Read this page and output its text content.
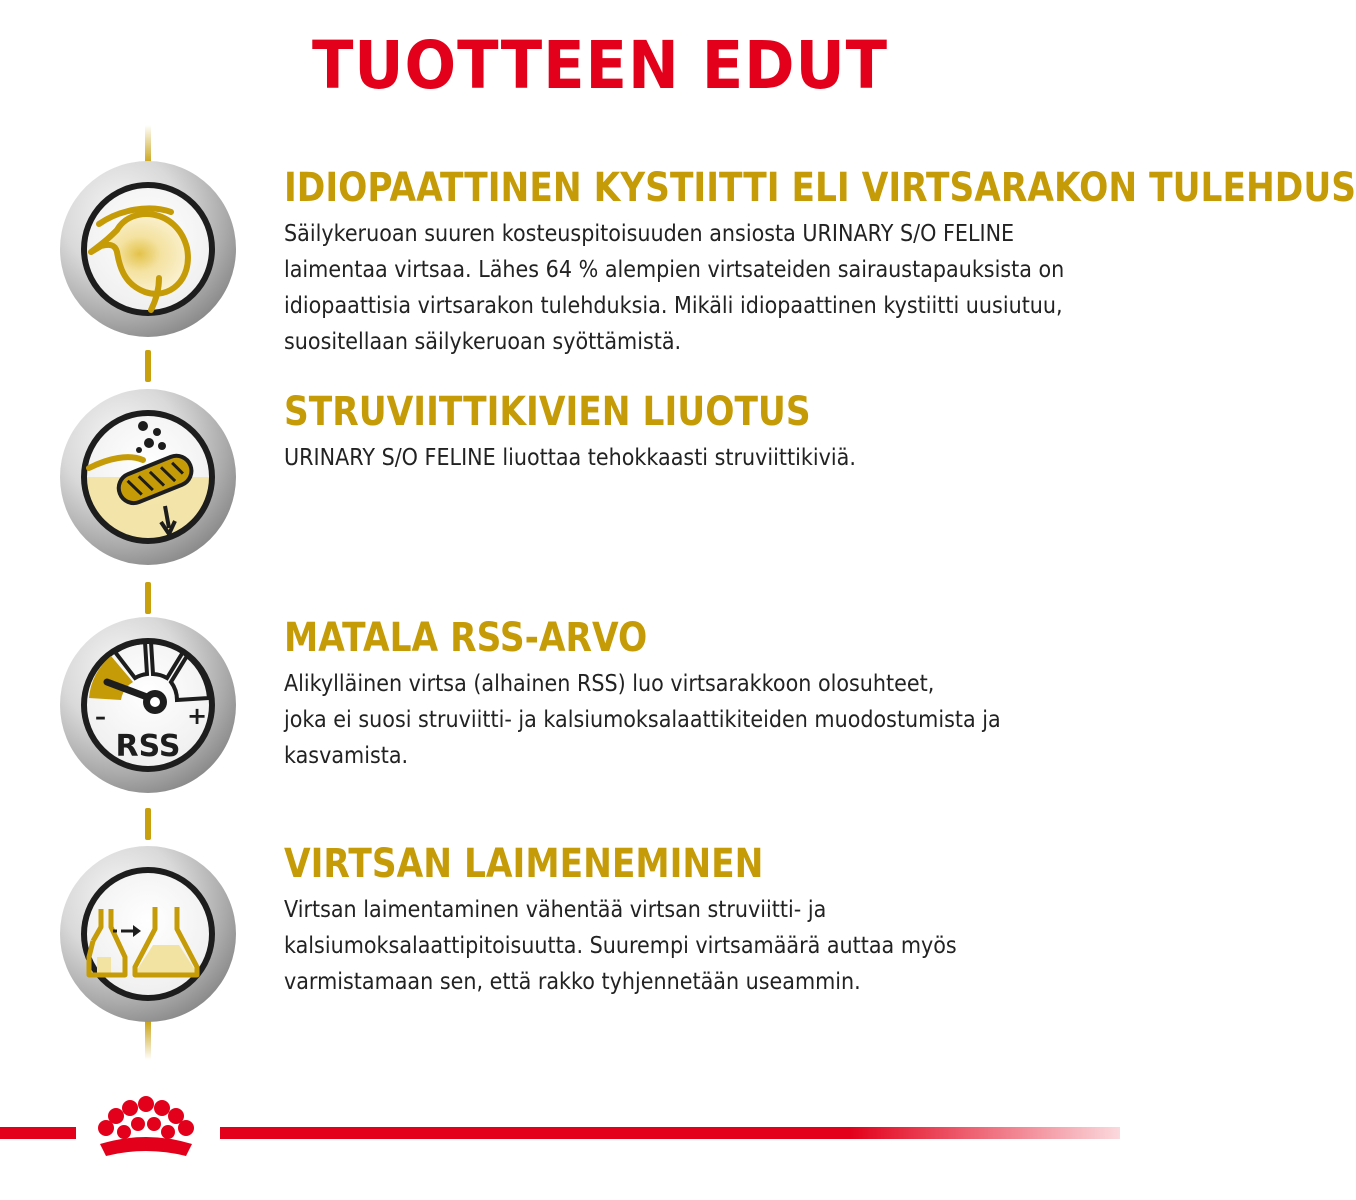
TUOTTEEN EDUT
–	+
RSS
IDIOPAATTINEN KYSTIITTI ELI VIRTSARAKON TULEHDUS

Säilykeruoan suuren kosteuspitoisuuden ansiosta URINARY S/O FELINE
laimentaa virtsaa. Lähes 64 % alempien virtsateiden sairaustapauksista on
idiopaattisia virtsarakon tulehduksia. Mikäli idiopaattinen kystiitti uusiutuu,
suositellaan säilykeruoan syöttämistä.

STRUVIITTIKIVIEN LIUOTUS

URINARY S/O FELINE liuottaa tehokkaasti struviittikiviä.

MATALA RSS-ARVO

Alikylläinen virtsa (alhainen RSS) luo virtsarakkoon olosuhteet,
joka ei suosi struviitti- ja kalsiumoksalaattikiteiden muodostumista ja
kasvamista.

VIRTSAN LAIMENEMINEN

Virtsan laimentaminen vähentää virtsan struviitti- ja
kalsiumoksalaattipitoisuutta. Suurempi virtsamäärä auttaa myös
varmistamaan sen, että rakko tyhjennetään useammin.
